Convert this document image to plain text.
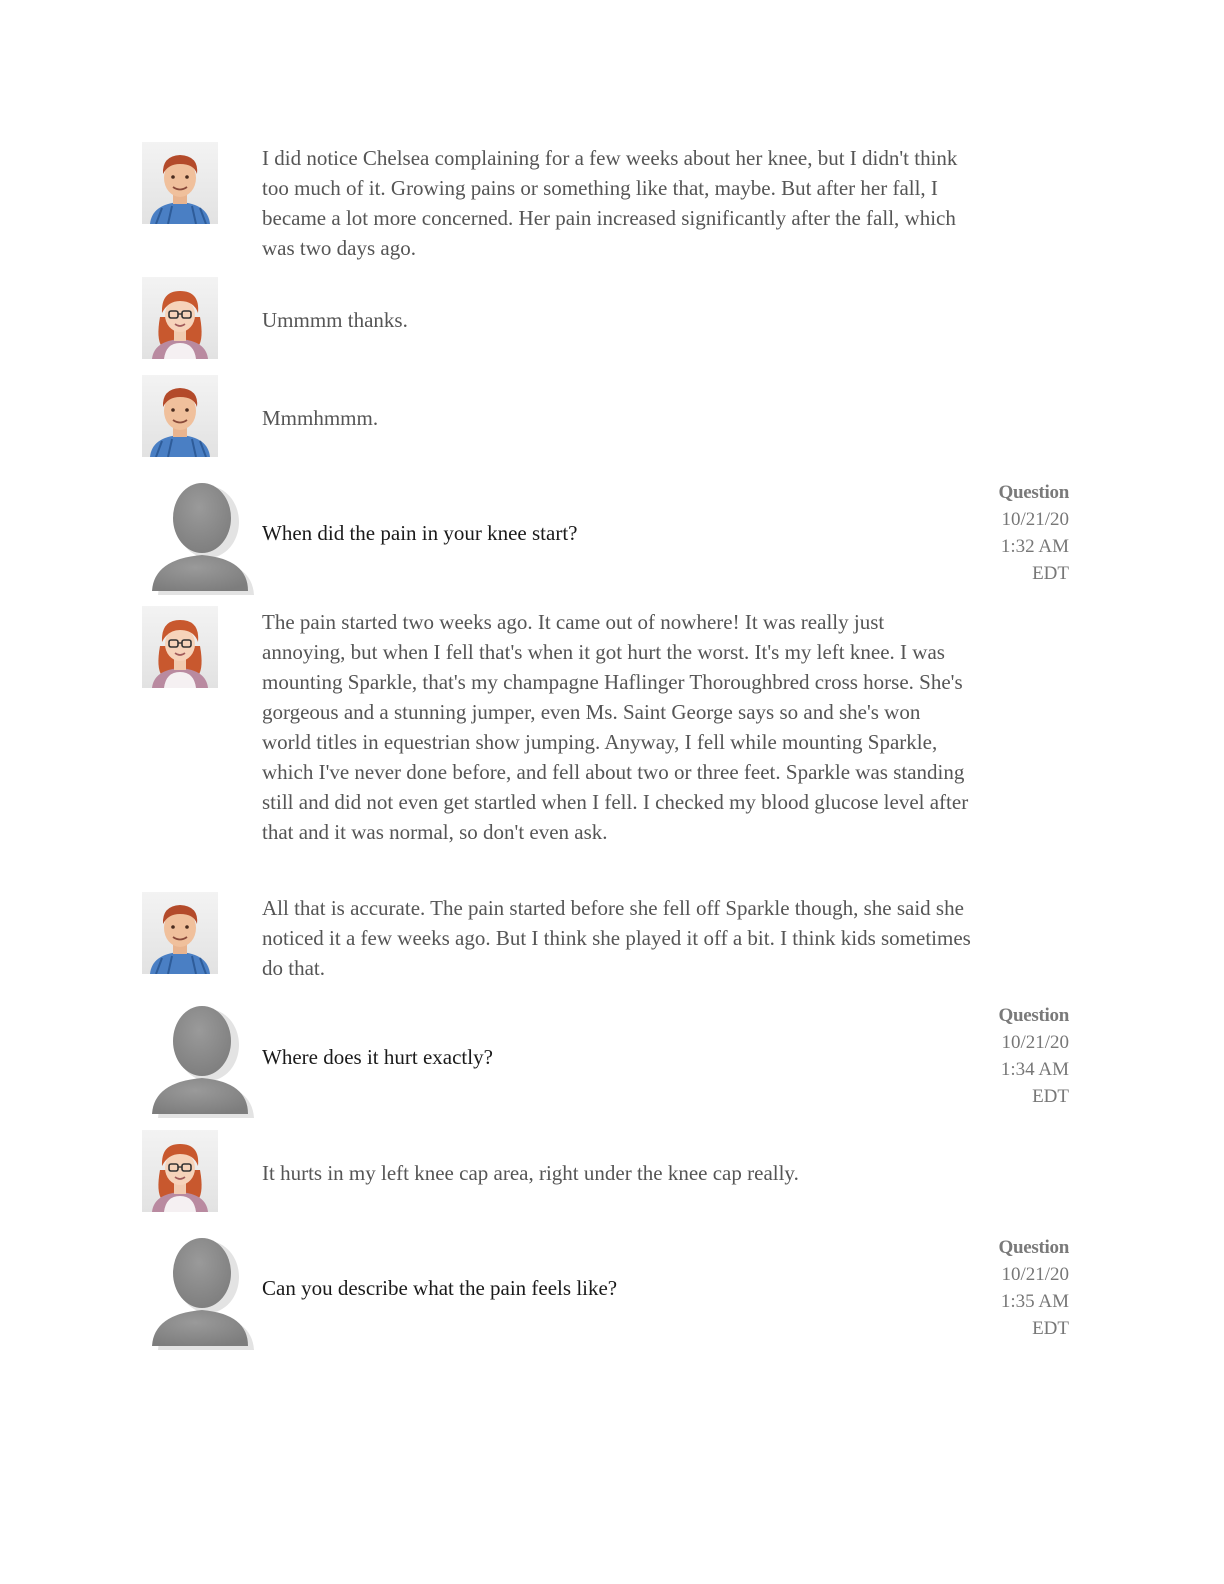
I did notice Chelsea complaining for a few weeks about her knee, but I didn't think too much of it. Growing pains or something like that, maybe. But after her fall, I became a lot more concerned. Her pain increased significantly after the fall, which was two days ago.
Ummmm thanks.
Mmmhmmm.
When did the pain in your knee start?
Question
10/21/20
1:32 AM
EDT
The pain started two weeks ago. It came out of nowhere! It was really just annoying, but when I fell that's when it got hurt the worst. It's my left knee. I was mounting Sparkle, that's my champagne Haflinger Thoroughbred cross horse. She's gorgeous and a stunning jumper, even Ms. Saint George says so and she's won world titles in equestrian show jumping. Anyway, I fell while mounting Sparkle, which I've never done before, and fell about two or three feet. Sparkle was standing still and did not even get startled when I fell. I checked my blood glucose level after that and it was normal, so don't even ask.
All that is accurate. The pain started before she fell off Sparkle though, she said she noticed it a few weeks ago. But I think she played it off a bit. I think kids sometimes do that.
Where does it hurt exactly?
Question
10/21/20
1:34 AM
EDT
It hurts in my left knee cap area, right under the knee cap really.
Can you describe what the pain feels like?
Question
10/21/20
1:35 AM
EDT
